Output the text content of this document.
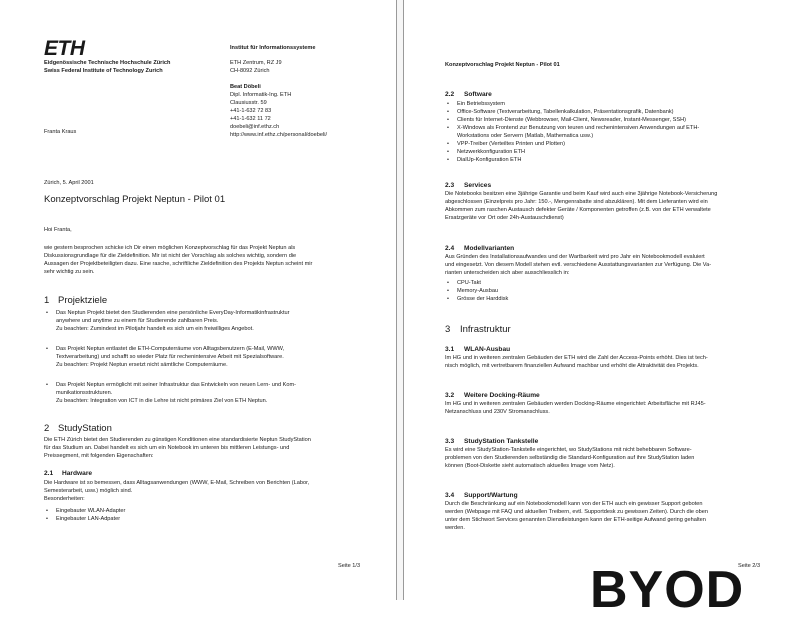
ETH
Eidgenössische Technische Hochschule Zürich
Swiss Federal Institute of Technology Zurich
Institut für Informationssysteme
ETH Zentrum, RZ J9
CH-8092 Zürich
Beat Döbeli
Dipl. Informatik-Ing. ETH
Clausiusstr. 59
+41-1-632 72 83
+41-1-632 11 72
doebeli@inf.ethz.ch
http://www.inf.ethz.ch/personal/doebeli/
Franta Kraus
Zürich, 5. April 2001
Konzeptvorschlag Projekt Neptun - Pilot 01
Hoi Franta,
wie gestern besprochen schicke ich Dir einen möglichen Konzeptvorschlag für das Projekt Neptun als
Diskussionsgrundlage für die Zieldefinition. Mir ist nicht der Vorschlag als solches wichtig, sondern die
Aussagen der Projektbeteiligten dazu. Eine rasche, schriftliche Zieldefinition des Projekts Neptun scheint mir
sehr wichtig zu sein.
1 Projektziele
• Das Neptun Projekt bietet den Studierenden eine persönliche EveryDay-Informatikinfrastruktur
anywhere und anytime zu einem für Studierende zahlbaren Preis.
Zu beachten: Zumindest im Pilotjahr handelt es sich um ein freiwilliges Angebot.
• Das Projekt Neptun entlastet die ETH-Computerräume von Alltagsbenutzern (E-Mail, WWW,
Textverarbeitung) und schafft so wieder Platz für rechenintensive Arbeit mit Spezialsoftware.
Zu beachten: Projekt Neptun ersetzt nicht sämtliche Computerräume.
• Das Projekt Neptun ermöglicht mit seiner Infrastruktur das Entwickeln von neuen Lern- und Kom-
munikationsstrukturen.
Zu beachten: Integration von ICT in die Lehre ist nicht primäres Ziel von ETH Neptun.
2 StudyStation
Die ETH Zürich bietet den Studierenden zu günstigen Konditionen eine standardisierte Neptun StudyStation
für das Studium an. Dabei handelt es sich um ein Notebook im unteren bis mittleren Leistungs- und
Preissegment, mit folgenden Eigenschaften:
2.1 Hardware
Die Hardware ist so bemessen, dass Alltagsanwendungen (WWW, E-Mail, Schreiben von Berichten (Labor,
Semesterarbeit, usw.) möglich sind.
Besonderheiten:
• Eingebauter WLAN-Adapter
• Eingebauter LAN-Adpater
Seite 1/3
Konzeptvorschlag Projekt Neptun - Pilot 01
2.2 Software
• Ein Betriebssystem
• Office-Software (Textverarbeitung, Tabellenkalkulation, Präsentationsgrafik, Datenbank)
• Clients für Internet-Dienste (Webbrowser, Mail-Client, Newsreader, Instant-Messenger, SSH)
• X-Windows als Frontend zur Benutzung von teuren und rechenintensiven Anwendungen auf ETH-
Workstations oder Servern (Matlab, Mathematica usw.)
• VPP-Treiber (Verteiltes Printen und Plotten)
• Netzwerkkonfiguration ETH
• DialUp-Konfiguration ETH
2.3 Services
Die Notebooks besitzen eine 3jährige Garantie und beim Kauf wird auch eine 3jährige Notebook-Versicherung
abgeschlossen (Einzelpreis pro Jahr: 150.-, Mengenrabatte sind abzuklären). Mit dem Lieferanten wird ein
Abkommen zum raschen Austausch defekter Geräte / Komponenten getroffen (z.B. von der ETH verwaltete
Ersatzgeräte vor Ort oder 24h-Austauschdienst)
2.4 Modellvarianten
Aus Gründen des Installationsaufwandes und der Wartbarkeit wird pro Jahr ein Notebookmodell evaluiert
und eingesetzt. Von diesem Modell stehen evtl. verschiedene Ausstattungsvarianten zur Verfügung. Die Va-
rianten unterscheiden sich aber ausschliesslich in:
• CPU-Takt
• Memory-Ausbau
• Grösse der Harddisk
3 Infrastruktur
3.1 WLAN-Ausbau
Im HG und in weiteren zentralen Gebäuden der ETH wird die Zahl der Access-Points erhöht. Dies ist tech-
nisch möglich, mit vertretbarem finanziellen Aufwand machbar und erhöht die Attraktivität des Projekts.
3.2 Weitere Docking-Räume
Im HG und in weiteren zentralen Gebäuden werden Docking-Räume eingerichtet: Arbeitsfläche mit RJ45-
Netzanschluss und 230V Stromanschluss.
3.3 StudyStation Tankstelle
Es wird eine StudyStation-Tankstelle eingerichtet, wo StudyStations mit nicht behebbaren Software-
problemen von den Studierenden selbständig die Standard-Konfiguration auf ihre StudyStation laden
können (Boot-Diskette sieht automatisch aktuelles Image vom Netz).
3.4 Support/Wartung
Durch die Beschränkung auf ein Notebookmodell kann von der ETH auch ein gewisser Support geboten
werden (Webpage mit FAQ und aktuellen Treibern, evtl. Supportdesk zu gewissen Zeiten). Durch die oben
unter dem Stichwort Services genannten Dienstleistungen kann der ETH-seitige Aufwand gering gehalten
werden.
Seite 2/3
BYOD
